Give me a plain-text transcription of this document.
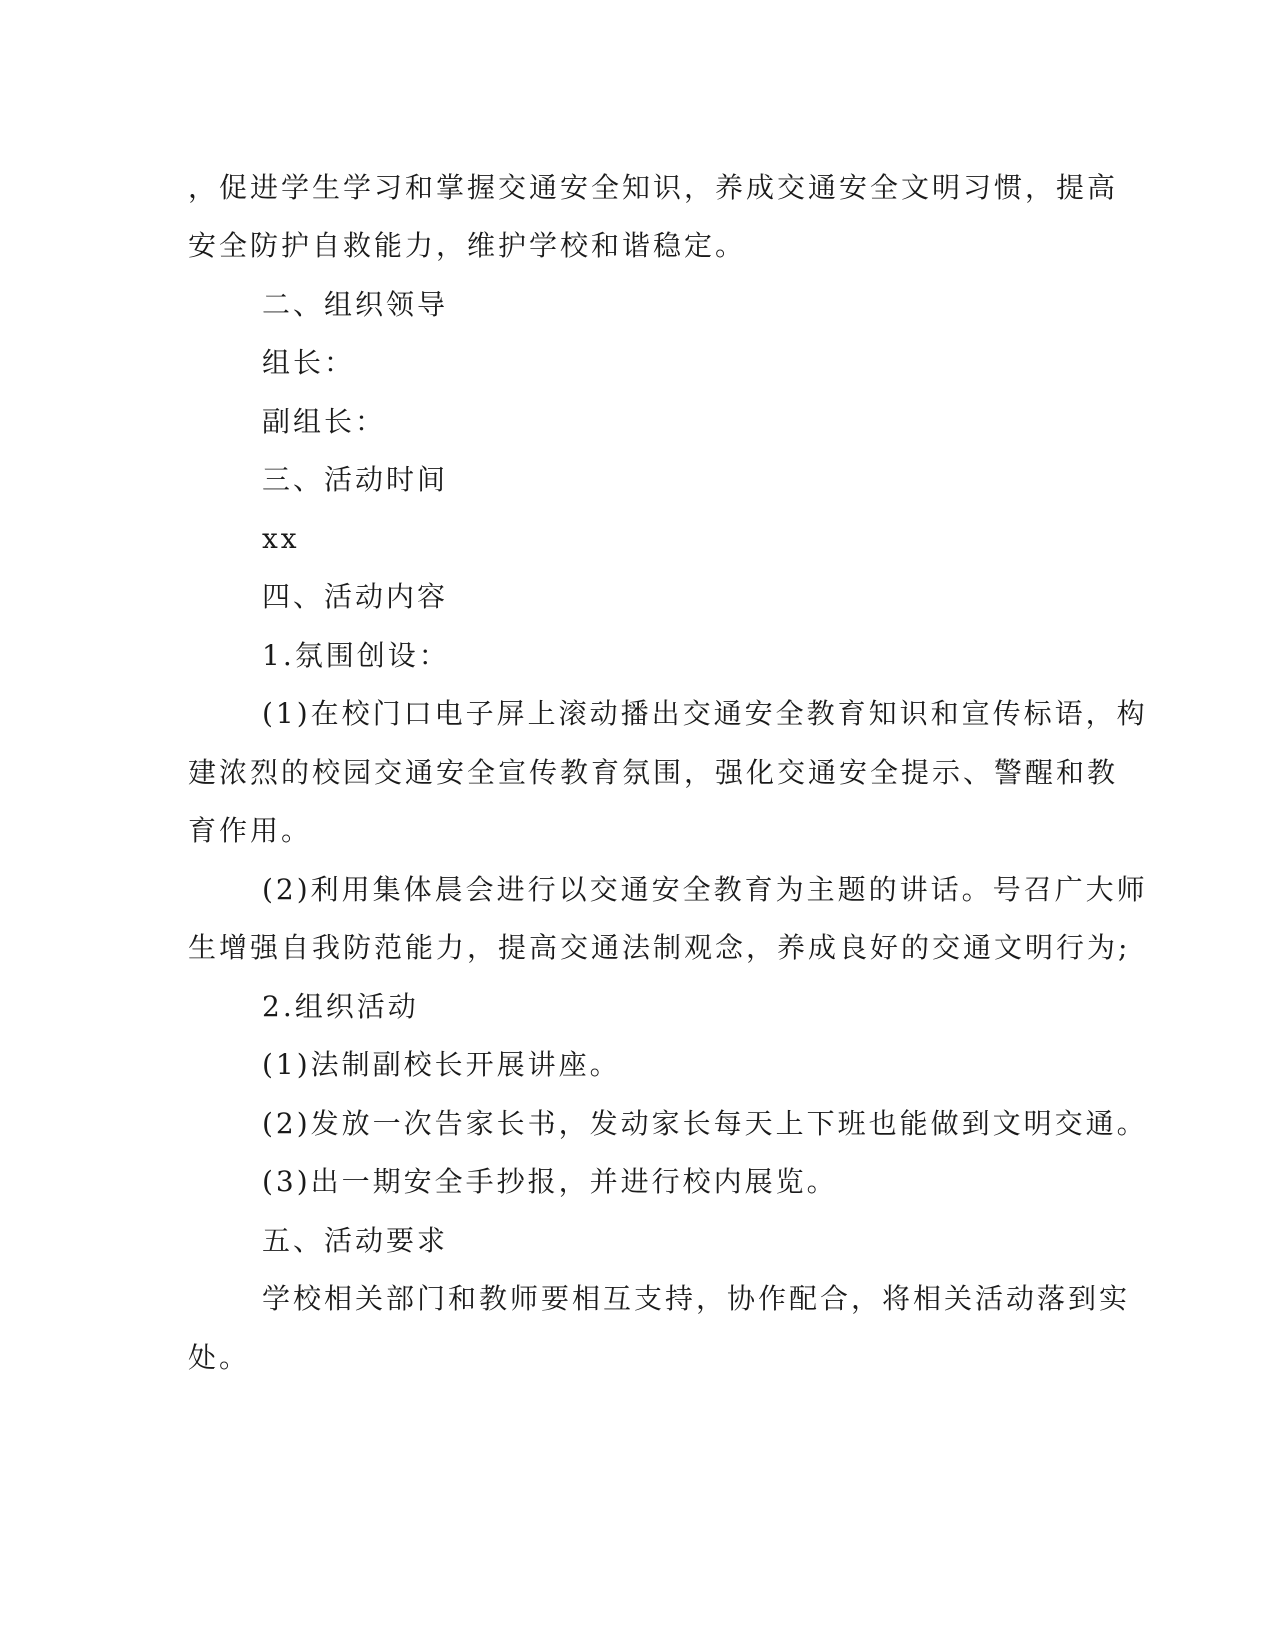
，促进学生学习和掌握交通安全知识，养成交通安全文明习惯，提高
安全防护自救能力，维护学校和谐稳定。
二、组织领导
组长：
副组长：
三、活动时间
xx
四、活动内容
1.氛围创设：
(1)在校门口电子屏上滚动播出交通安全教育知识和宣传标语，构
建浓烈的校园交通安全宣传教育氛围，强化交通安全提示、警醒和教
育作用。
(2)利用集体晨会进行以交通安全教育为主题的讲话。号召广大师
生增强自我防范能力，提高交通法制观念，养成良好的交通文明行为;
2.组织活动
(1)法制副校长开展讲座。
(2)发放一次告家长书，发动家长每天上下班也能做到文明交通。
(3)出一期安全手抄报，并进行校内展览。
五、活动要求
学校相关部门和教师要相互支持，协作配合，将相关活动落到实
处。
